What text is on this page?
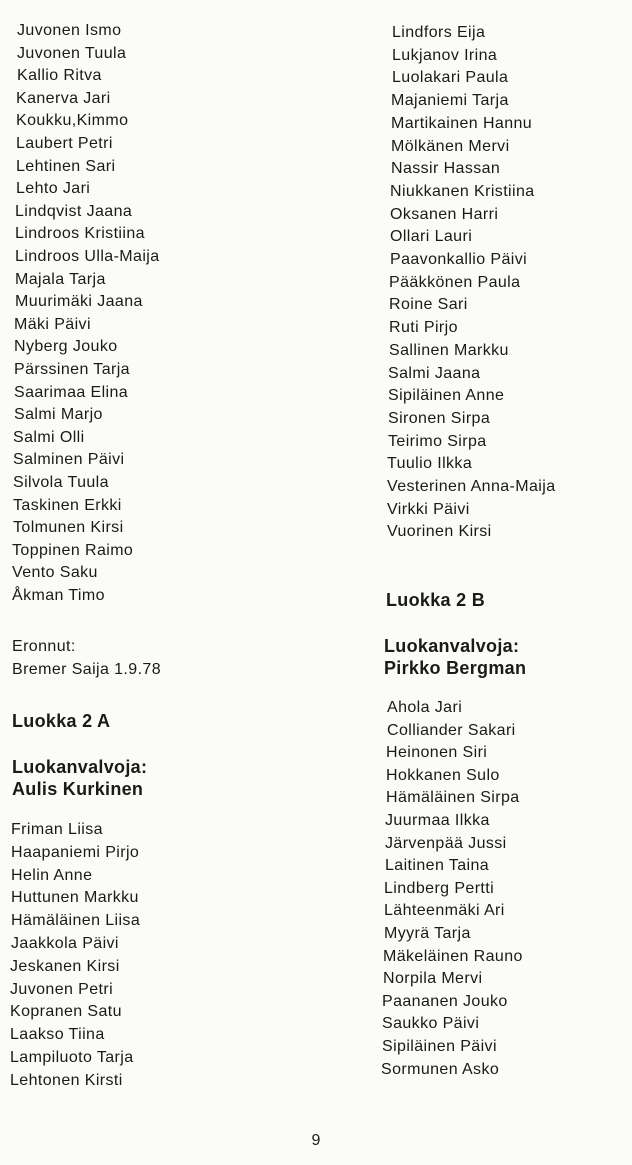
Juvonen Ismo
Juvonen Tuula
Kallio Ritva
Kanerva Jari
Koukku,Kimmo
Laubert Petri
Lehtinen Sari
Lehto Jari
Lindqvist Jaana
Lindroos Kristiina
Lindroos Ulla-Maija
Majala Tarja
Muurimäki Jaana
Mäki Päivi
Nyberg Jouko
Pärssinen Tarja
Saarimaa Elina
Salmi Marjo
Salmi Olli
Salminen Päivi
Silvola Tuula
Taskinen Erkki
Tolmunen Kirsi
Toppinen Raimo
Vento Saku
Åkman Timo
Eronnut:
Bremer Saija 1.9.78
Luokka 2 A
Luokanvalvoja:
Aulis Kurkinen
Friman Liisa
Haapaniemi Pirjo
Helin Anne
Huttunen Markku
Hämäläinen Liisa
Jaakkola Päivi
Jeskanen Kirsi
Juvonen Petri
Kopranen Satu
Laakso Tiina
Lampiluoto Tarja
Lehtonen Kirsti
Lindfors Eija
Lukjanov Irina
Luolakari Paula
Majaniemi Tarja
Martikainen Hannu
Mölkänen Mervi
Nassir Hassan
Niukkanen Kristiina
Oksanen Harri
Ollari Lauri
Paavonkallio Päivi
Pääkkönen Paula
Roine Sari
Ruti Pirjo
Sallinen Markku
Salmi Jaana
Sipiläinen Anne
Sironen Sirpa
Teirimo Sirpa
Tuulio Ilkka
Vesterinen Anna-Maija
Virkki Päivi
Vuorinen Kirsi
Luokka 2 B
Luokanvalvoja:
Pirkko Bergman
Ahola Jari
Colliander Sakari
Heinonen Siri
Hokkanen Sulo
Hämäläinen Sirpa
Juurmaa Ilkka
Järvenpää Jussi
Laitinen Taina
Lindberg Pertti
Lähteenmäki Ari
Myyrä Tarja
Mäkeläinen Rauno
Norpila Mervi
Paananen Jouko
Saukko Päivi
Sipiläinen Päivi
Sormunen Asko
9
